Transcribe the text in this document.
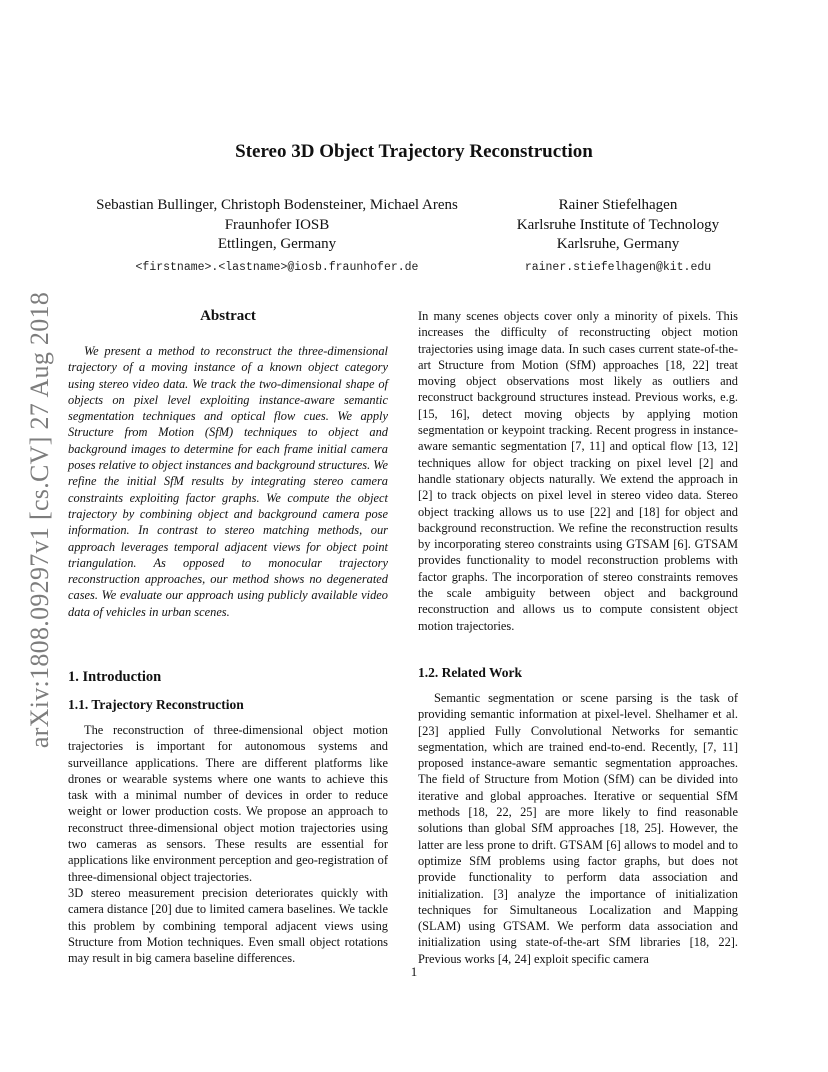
arXiv:1808.09297v1 [cs.CV] 27 Aug 2018
Stereo 3D Object Trajectory Reconstruction
Sebastian Bullinger, Christoph Bodensteiner, Michael Arens
Fraunhofer IOSB
Ettlingen, Germany
<firstname>.<lastname>@iosb.fraunhofer.de
Rainer Stiefelhagen
Karlsruhe Institute of Technology
Karlsruhe, Germany
rainer.stiefelhagen@kit.edu
Abstract

We present a method to reconstruct the three-dimensional trajectory of a moving instance of a known object category using stereo video data. We track the two-dimensional shape of objects on pixel level exploiting instance-aware semantic segmentation techniques and optical flow cues. We apply Structure from Motion (SfM) techniques to object and background images to determine for each frame initial camera poses relative to object instances and background structures. We refine the initial SfM results by integrating stereo camera constraints exploiting factor graphs. We compute the object trajectory by combining object and background camera pose information. In contrast to stereo matching methods, our approach leverages temporal adjacent views for object point triangulation. As opposed to monocular trajectory reconstruction approaches, our method shows no degenerated cases. We evaluate our approach using publicly available video data of vehicles in urban scenes.

1. Introduction
1.1. Trajectory Reconstruction

The reconstruction of three-dimensional object motion trajectories is important for autonomous systems and surveillance applications. There are different platforms like drones or wearable systems where one wants to achieve this task with a minimal number of devices in order to reduce weight or lower production costs. We propose an approach to reconstruct three-dimensional object motion trajectories using two cameras as sensors. These results are essential for applications like environment perception and geo-registration of three-dimensional object trajectories.

3D stereo measurement precision deteriorates quickly with camera distance [20] due to limited camera baselines. We tackle this problem by combining temporal adjacent views using Structure from Motion techniques. Even small object rotations may result in big camera baseline differences.

In many scenes objects cover only a minority of pixels. This increases the difficulty of reconstructing object motion trajectories using image data. In such cases current state-of-the-art Structure from Motion (SfM) approaches [18, 22] treat moving object observations most likely as outliers and reconstruct background structures instead. Previous works, e.g. [15, 16], detect moving objects by applying motion segmentation or keypoint tracking. Recent progress in instance-aware semantic segmentation [7, 11] and optical flow [13, 12] techniques allow for object tracking on pixel level [2] and handle stationary objects naturally. We extend the approach in [2] to track objects on pixel level in stereo video data. Stereo object tracking allows us to use [22] and [18] for object and background reconstruction. We refine the reconstruction results by incorporating stereo constraints using GTSAM [6]. GTSAM provides functionality to model reconstruction problems with factor graphs. The incorporation of stereo constraints removes the scale ambiguity between object and background reconstruction and allows us to compute consistent object motion trajectories.

1.2. Related Work

Semantic segmentation or scene parsing is the task of providing semantic information at pixel-level. Shelhamer et al. [23] applied Fully Convolutional Networks for semantic segmentation, which are trained end-to-end. Recently, [7, 11] proposed instance-aware semantic segmentation approaches. The field of Structure from Motion (SfM) can be divided into iterative and global approaches. Iterative or sequential SfM methods [18, 22, 25] are more likely to find reasonable solutions than global SfM approaches [18, 25]. However, the latter are less prone to drift. GTSAM [6] allows to model and to optimize SfM problems using factor graphs, but does not provide functionality to perform data association and initialization. [3] analyze the importance of initialization techniques for Simultaneous Localization and Mapping (SLAM) using GTSAM. We perform data association and initialization using state-of-the-art SfM libraries [18, 22]. Previous works [4, 24] exploit specific camera

1
